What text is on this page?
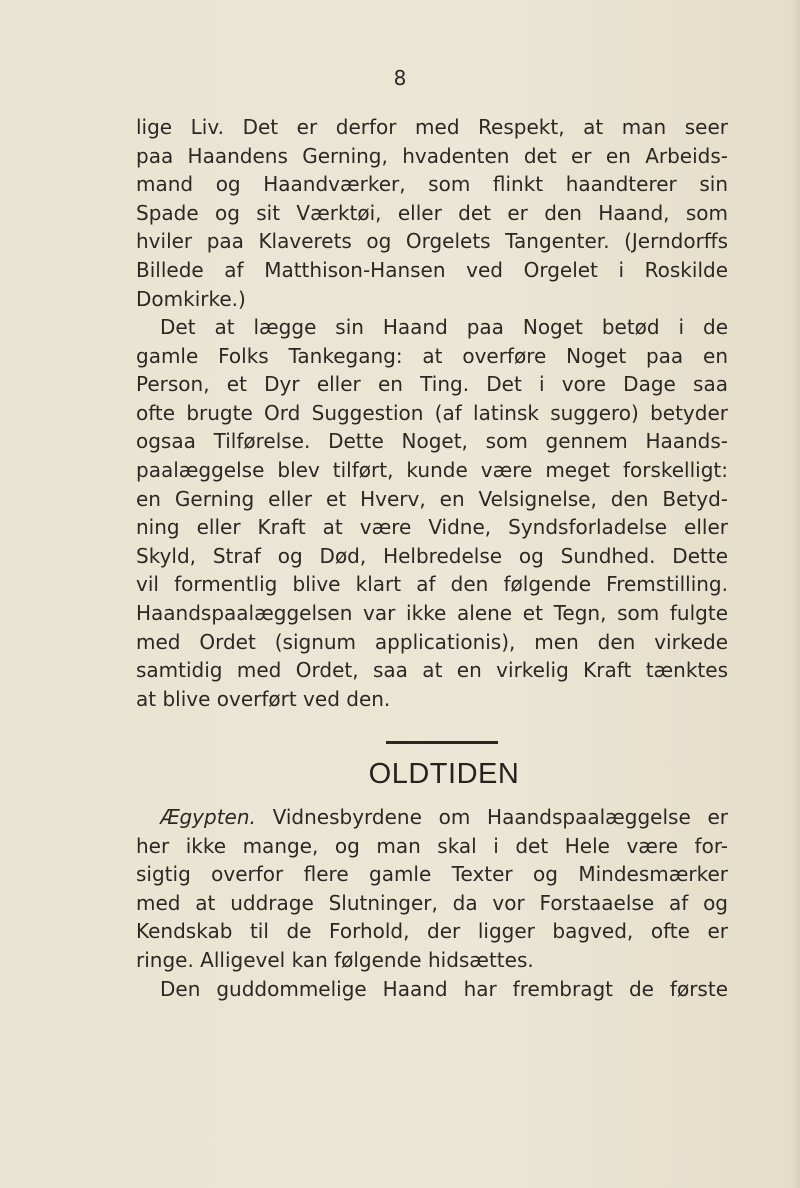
8
lige Liv. Det er derfor med Respekt, at man seer
paa Haandens Gerning, hvadenten det er en Arbeids-
mand og Haandværker, som flinkt haandterer sin
Spade og sit Værktøi, eller det er den Haand, som
hviler paa Klaverets og Orgelets Tangenter. (Jerndorffs
Billede af Matthison-Hansen ved Orgelet i Roskilde
Domkirke.)
Det at lægge sin Haand paa Noget betød i de
gamle Folks Tankegang: at overføre Noget paa en
Person, et Dyr eller en Ting. Det i vore Dage saa
ofte brugte Ord Suggestion (af latinsk suggero) betyder
ogsaa Tilførelse. Dette Noget, som gennem Haands-
paalæggelse blev tilført, kunde være meget forskelligt:
en Gerning eller et Hverv, en Velsignelse, den Betyd-
ning eller Kraft at være Vidne, Syndsforladelse eller
Skyld, Straf og Død, Helbredelse og Sundhed. Dette
vil formentlig blive klart af den følgende Fremstilling.
Haandspaalæggelsen var ikke alene et Tegn, som fulgte
med Ordet (signum applicationis), men den virkede
samtidig med Ordet, saa at en virkelig Kraft tænktes
at blive overført ved den.
OLDTIDEN
Ægypten. Vidnesbyrdene om Haandspaalæggelse er
her ikke mange, og man skal i det Hele være for-
sigtig overfor flere gamle Texter og Mindesmærker
med at uddrage Slutninger, da vor Forstaaelse af og
Kendskab til de Forhold, der ligger bagved, ofte er
ringe. Alligevel kan følgende hidsættes.
Den guddommelige Haand har frembragt de første
